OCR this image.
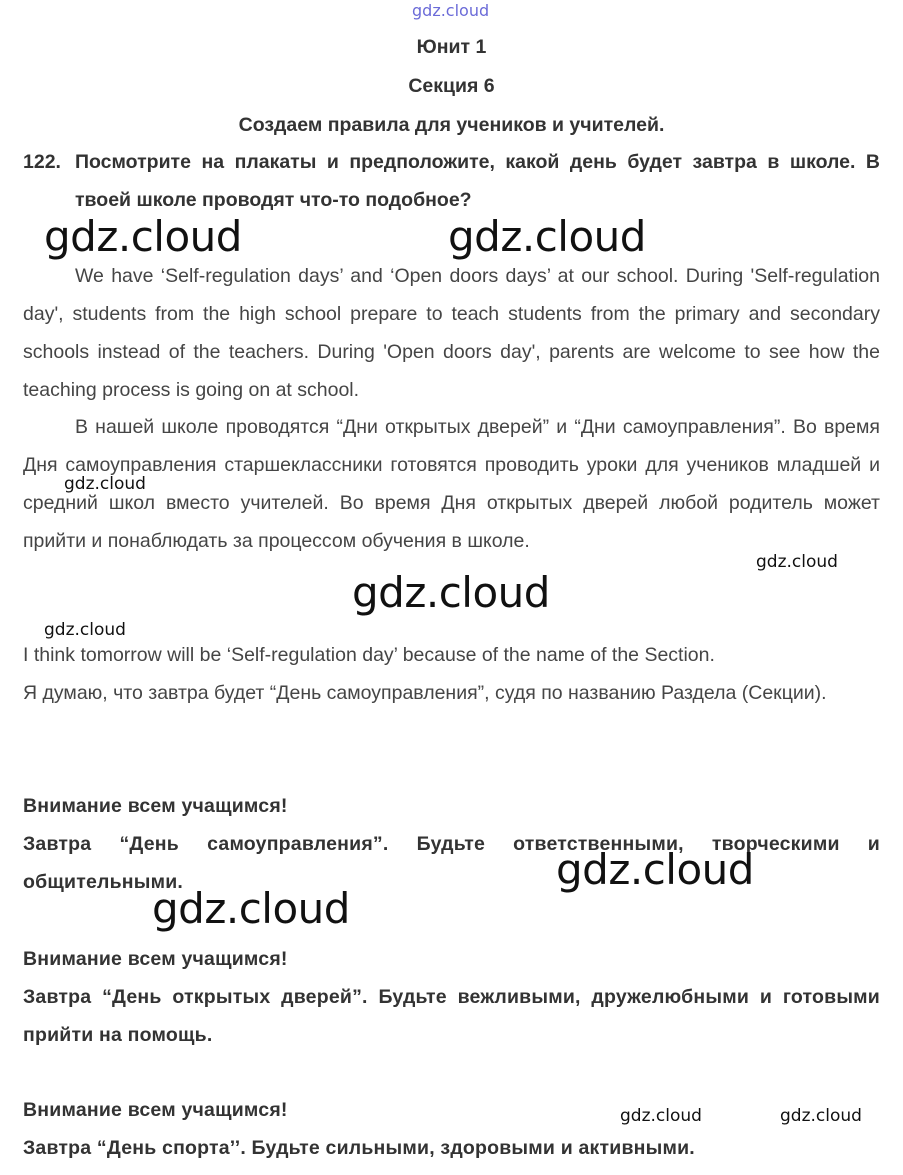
gdz.cloud
Юнит 1
Секция 6
Создаем правила для учеников и учителей.
122. Посмотрите на плакаты и предположите, какой день будет завтра в школе. В твоей школе проводят что-то подобное?
We have ‘Self-regulation days’ and ‘Open doors days’ at our school. During 'Self-regulation day', students from the high school prepare to teach students from the primary and secondary schools instead of the teachers. During 'Open doors day', parents are welcome to see how the teaching process is going on at school.
В нашей школе проводятся “Дни открытых дверей” и “Дни самоуправления”. Во время Дня самоуправления старшеклассники готовятся проводить уроки для учеников младшей и средний школ вместо учителей. Во время Дня открытых дверей любой родитель может прийти и понаблюдать за процессом обучения в школе.
I think tomorrow will be ‘Self-regulation day’ because of the name of the Section.
Я думаю, что завтра будет “День самоуправления”, судя по названию Раздела (Секции).
Внимание всем учащимся!
Завтра “День самоуправления”. Будьте ответственными, творческими и общительными.
Внимание всем учащимся!
Завтра “День открытых дверей”. Будьте вежливыми, дружелюбными и готовыми прийти на помощь.
Внимание всем учащимся!
Завтра “День спорта’’. Будьте сильными, здоровыми и активными.
gdz.cloud	gdz.cloud
gdz.cloud
gdz.cloud
gdz.cloud
gdz.cloud
gdz.cloud
gdz.cloud
gdz.cloud	gdz.cloud
